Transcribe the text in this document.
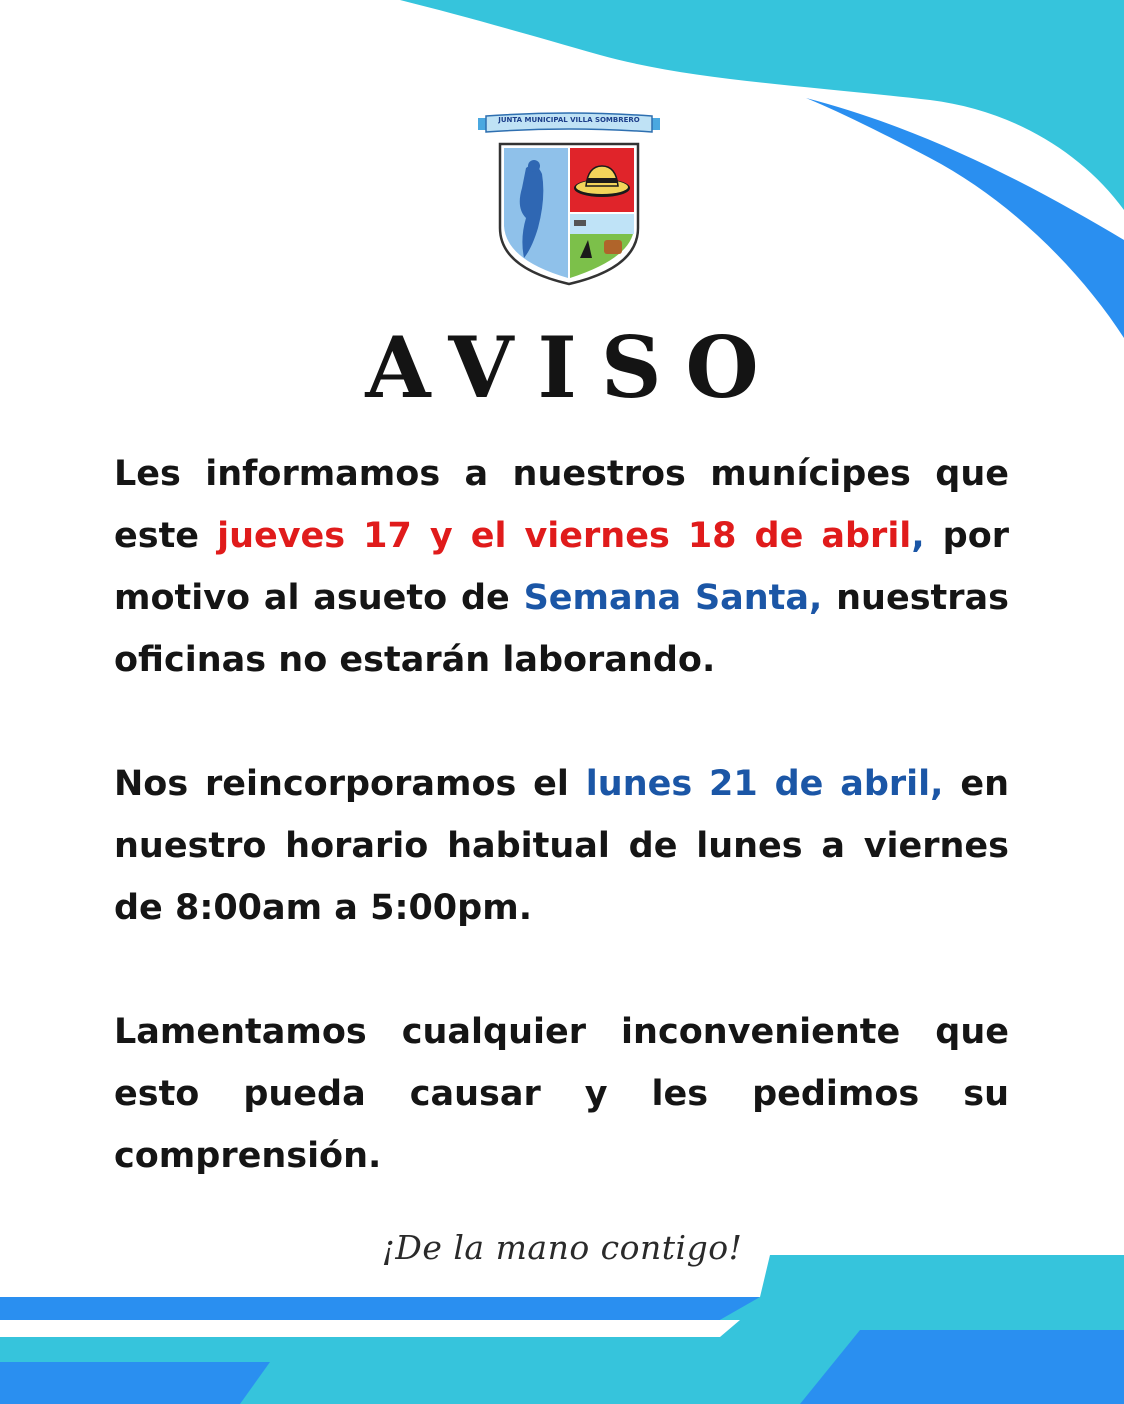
JUNTA MUNICIPAL VILLA SOMBRERO
AVISO

Les informamos a nuestros munícipes que este jueves 17 y el viernes 18 de abril, por motivo al asueto de Semana Santa, nuestras oficinas no estarán laborando.

Nos reincorporamos el lunes 21 de abril, en nuestro horario habitual de lunes a viernes de 8:00am a 5:00pm.

Lamentamos cualquier inconveniente que esto pueda causar y les pedimos su comprensión.

¡De la mano contigo!
